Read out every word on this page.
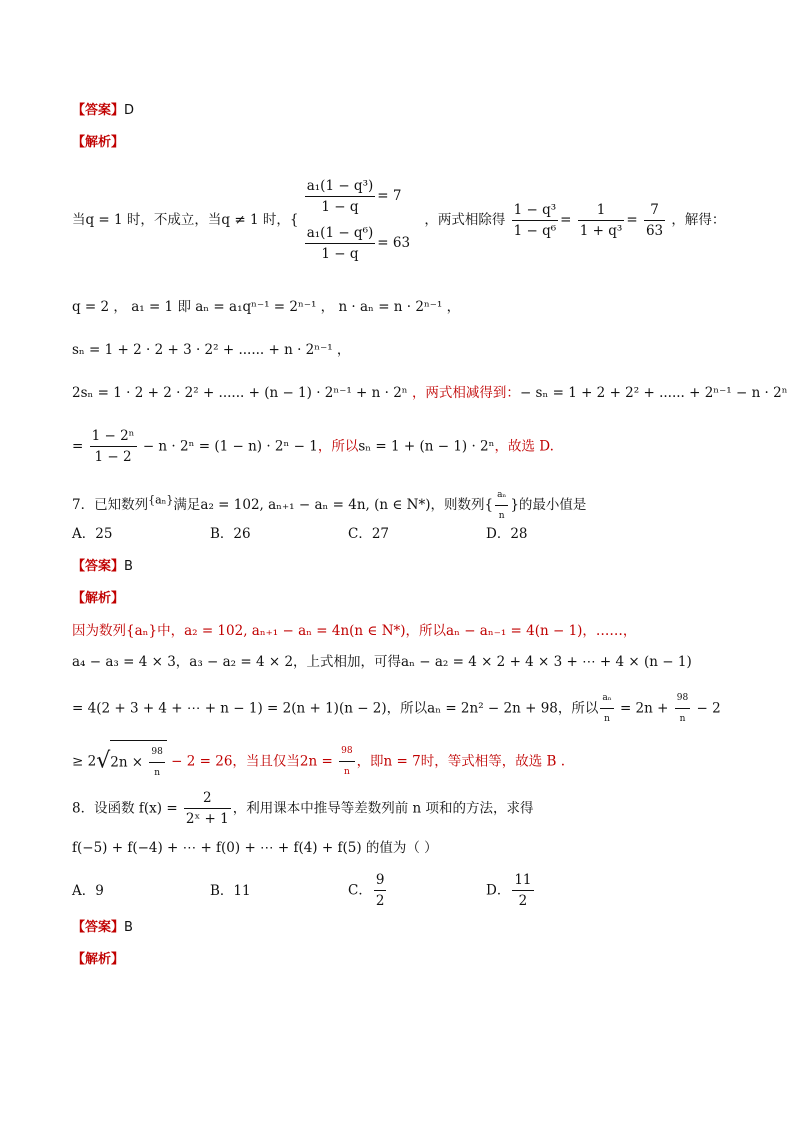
【答案】D
【解析】
当q = 1 时，不成立，当q ≠ 1 时，{
$\frac{\text{a₁(1 − q³)}}{1 - q} = 7$
$\frac{\text{a₁(1 − q⁶)}}{1 - q} = 63$
，两式相除得 $\frac{\text{1 − q³}}{\text{1 − q⁶}} = \frac{1}{\text{1 + q³}} = \frac{7}{63}$ ，解得：
q = 2 ， a₁ = 1 即 aₙ = a₁qⁿ⁻¹ = 2ⁿ⁻¹ ， n · aₙ = n · 2ⁿ⁻¹ ，
sₙ = 1 + 2 · 2 + 3 · 2² + ...... + n · 2ⁿ⁻¹ ，
2sₙ = 1 · 2 + 2 · 2² + ...... + (n − 1) · 2ⁿ⁻¹ + n · 2ⁿ ，两式相减得到：− sₙ = 1 + 2 + 2² + ...... + 2ⁿ⁻¹ − n · 2ⁿ
= $\frac{\text{1 − 2ⁿ}}{1 - 2} - n \cdot 2^n = (1 - n) \cdot 2^n - 1$，所以sₙ = 1 + (n − 1) · 2ⁿ，故选 D.
7．已知数列$^{\{a_n\}}$满足a₂ = 102, aₙ₊₁ − aₙ = 4n, (n ∈ N*)，则数列{ $\frac{\text{aₙ}}{n}$ }的最小值是
A．25	B．26	C．27	D．28
【答案】B
【解析】
因为数列{aₙ}中，a₂ = 102, aₙ₊₁ − aₙ = 4n(n ∈ N*)，所以aₙ − aₙ₋₁ = 4(n − 1)，……，
a₄ − a₃ = 4 × 3，a₃ − a₂ = 4 × 2，上式相加，可得aₙ − a₂ = 4 × 2 + 4 × 3 + ⋯ + 4 × (n − 1)
= 4(2 + 3 + 4 + ⋯ + n − 1) = 2(n + 1)(n − 2)，所以aₙ = 2n² − 2n + 98，所以 $\frac{\text{aₙ}}{n} = 2n + \frac{98}{n} - 2$
≥ $2√2n \times \frac{98}{n} - 2 = 26$，当且仅当$2n = \frac{98}{n}$ ，即n = 7时，等式相等，故选 B .
8．设函数 $f(x) = \frac{2}{\text{2ˣ + 1}}$ ，利用课本中推导等差数列前 n 项和的方法，求得
f(−5) + f(−4) + ⋯ + f(0) + ⋯ + f(4) + f(5) 的值为（ ）
A．9	B．11	C． $\frac{9}{2}$	D． $\frac{11}{2}$
【答案】B
【解析】
